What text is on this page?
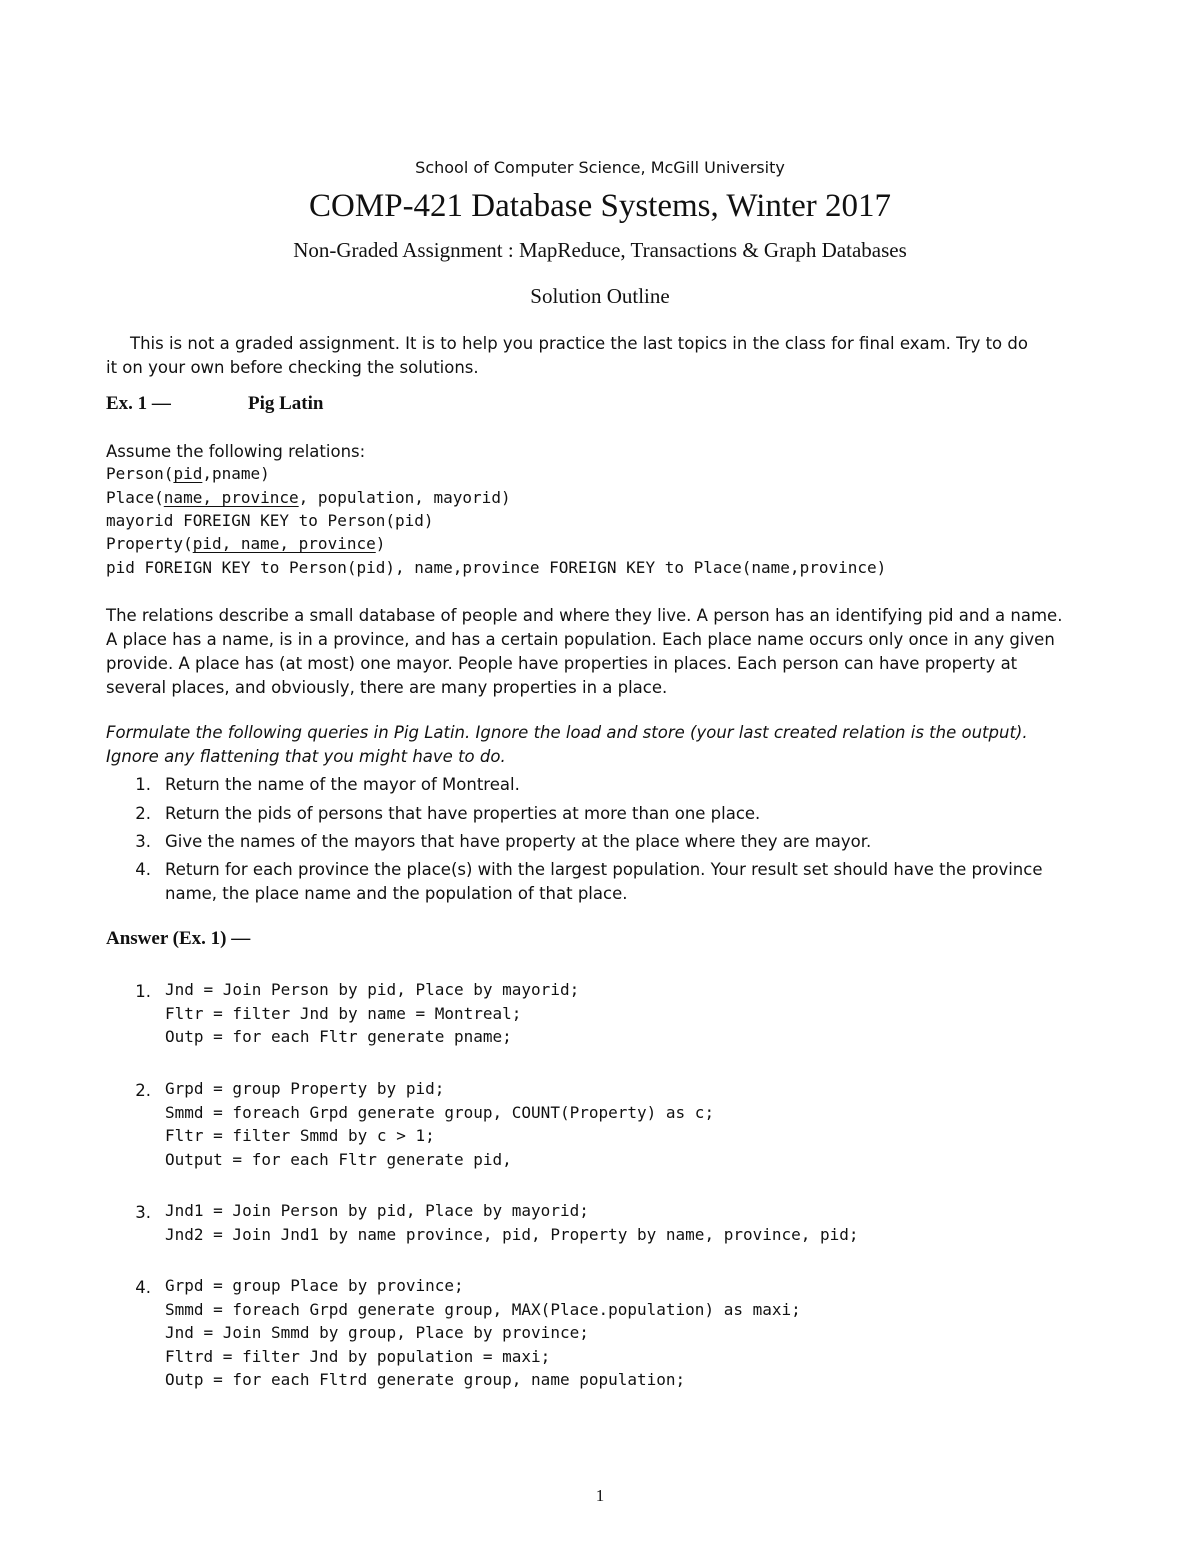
School of Computer Science, McGill University
COMP-421 Database Systems, Winter 2017
Non-Graded Assignment : MapReduce, Transactions & Graph Databases
Solution Outline
This is not a graded assignment. It is to help you practice the last topics in the class for final exam. Try to do
it on your own before checking the solutions.
Ex. 1 —	Pig Latin
Assume the following relations:
Person(pid,pname)
Place(name, province, population, mayorid)
mayorid FOREIGN KEY to Person(pid)
Property(pid, name, province)
pid FOREIGN KEY to Person(pid), name,province FOREIGN KEY to Place(name,province)
The relations describe a small database of people and where they live. A person has an identifying pid and a name.
A place has a name, is in a province, and has a certain population. Each place name occurs only once in any given
provide. A place has (at most) one mayor. People have properties in places. Each person can have property at
several places, and obviously, there are many properties in a place.
Formulate the following queries in Pig Latin. Ignore the load and store (your last created relation is the output).
Ignore any flattening that you might have to do.
1. Return the name of the mayor of Montreal.
2. Return the pids of persons that have properties at more than one place.
3. Give the names of the mayors that have property at the place where they are mayor.
4. Return for each province the place(s) with the largest population. Your result set should have the province
name, the place name and the population of that place.
Answer (Ex. 1) —
1. Jnd = Join Person by pid, Place by mayorid;
Fltr = filter Jnd by name = Montreal;
Outp = for each Fltr generate pname;
2. Grpd = group Property by pid;
Smmd = foreach Grpd generate group, COUNT(Property) as c;
Fltr = filter Smmd by c > 1;
Output = for each Fltr generate pid,
3. Jnd1 = Join Person by pid, Place by mayorid;
Jnd2 = Join Jnd1 by name province, pid, Property by name, province, pid;
4. Grpd = group Place by province;
Smmd = foreach Grpd generate group, MAX(Place.population) as maxi;
Jnd = Join Smmd by group, Place by province;
Fltrd = filter Jnd by population = maxi;
Outp = for each Fltrd generate group, name population;
1
